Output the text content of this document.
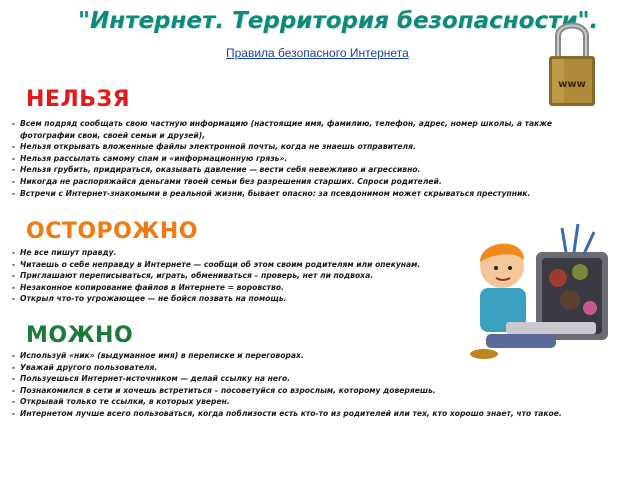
"Интернет. Территория безопасности".
Правила безопасного Интернета
www
НЕЛЬЗЯ
- Всем подряд сообщать свою частную информацию (настоящие имя, фамилию, телефон, адрес, номер школы, а также фотографии свои, своей семьи и друзей),
- Нельзя открывать вложенные файлы электронной почты, когда не знаешь отправителя.
- Нельзя рассылать самому спам и «информационную грязь».
- Нельзя грубить, придираться, оказывать давление — вести себя невежливо и агрессивно.
- Никогда не распоряжайся деньгами твоей семьи без разрешения старших. Спроси родителей.
- Встречи с Интернет-знакомыми в реальной жизни, бывает опасно: за псевдонимом может скрываться преступник.
ОСТОРОЖНО
- Не все пишут правду.
- Читаешь о себе неправду в Интернете — сообщи об этом своим родителям или опекунам.
- Приглашают переписываться, играть, обмениваться – проверь, нет ли подвоха.
- Незаконное копирование файлов в Интернете = воровство.
- Открыл что-то угрожающее — не бойся позвать на помощь.
МОЖНО
- Используй «ник» (выдуманное имя) в переписке и переговорах.
- Уважай другого пользователя.
- Пользуешься Интернет-источником — делай ссылку на него.
- Познакомился в сети и хочешь встретиться – посоветуйся со взрослым, которому доверяешь.
- Открывай только те ссылки, в которых уверен.
- Интернетом лучше всего пользоваться, когда поблизости есть кто-то из родителей или тех, кто хорошо знает, что такое.
